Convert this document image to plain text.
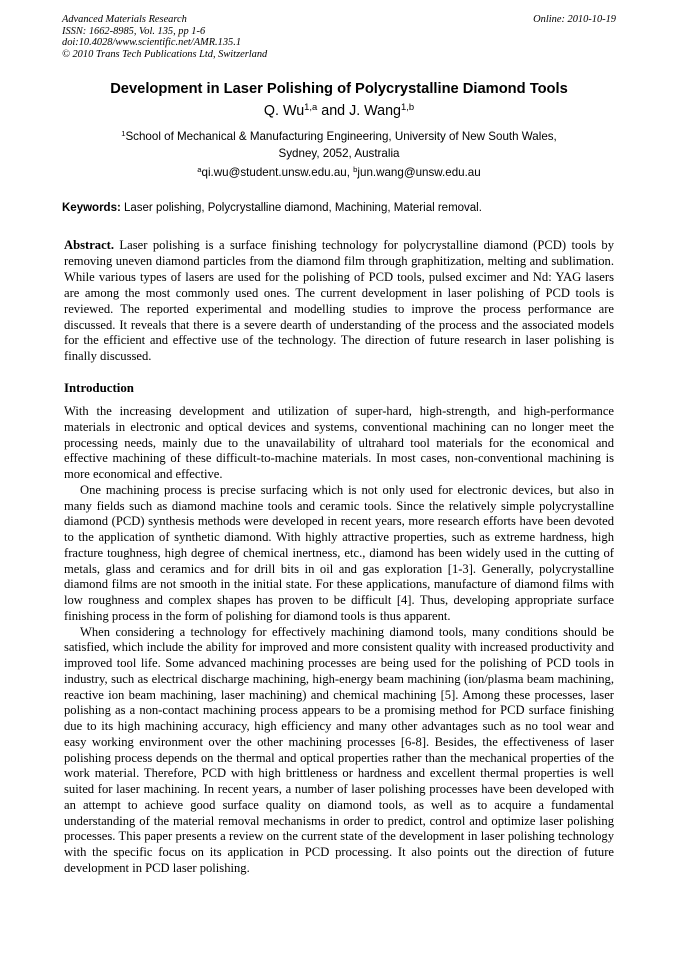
Advanced Materials Research
ISSN: 1662-8985, Vol. 135, pp 1-6
doi:10.4028/www.scientific.net/AMR.135.1
© 2010 Trans Tech Publications Ltd, Switzerland
Online: 2010-10-19
Development in Laser Polishing of Polycrystalline Diamond Tools
Q. Wu$^{1,a}$ and J. Wang$^{1,b}$
$^1$School of Mechanical & Manufacturing Engineering, University of New South Wales,
Sydney, 2052, Australia
$^a$qi.wu@student.unsw.edu.au, $^b$jun.wang@unsw.edu.au
Keywords: Laser polishing, Polycrystalline diamond, Machining, Material removal.
Abstract. Laser polishing is a surface finishing technology for polycrystalline diamond (PCD) tools by removing uneven diamond particles from the diamond film through graphitization, melting and sublimation. While various types of lasers are used for the polishing of PCD tools, pulsed excimer and Nd: YAG lasers are among the most commonly used ones. The current development in laser polishing of PCD tools is reviewed. The reported experimental and modelling studies to improve the process performance are discussed. It reveals that there is a severe dearth of understanding of the process and the associated models for the efficient and effective use of the technology. The direction of future research in laser polishing is finally discussed.
Introduction

With the increasing development and utilization of super-hard, high-strength, and high-performance materials in electronic and optical devices and systems, conventional machining can no longer meet the processing needs, mainly due to the unavailability of ultrahard tool materials for the economical and effective machining of these difficult-to-machine materials. In most cases, non-conventional machining is more economical and effective.

One machining process is precise surfacing which is not only used for electronic devices, but also in many fields such as diamond machine tools and ceramic tools. Since the relatively simple polycrystalline diamond (PCD) synthesis methods were developed in recent years, more research efforts have been devoted to the application of synthetic diamond. With highly attractive properties, such as extreme hardness, high fracture toughness, high degree of chemical inertness, etc., diamond has been widely used in the cutting of metals, glass and ceramics and for drill bits in oil and gas exploration [1-3]. Generally, polycrystalline diamond films are not smooth in the initial state. For these applications, manufacture of diamond films with low roughness and complex shapes has proven to be difficult [4]. Thus, developing appropriate surface finishing process in the form of polishing for diamond tools is thus apparent.

When considering a technology for effectively machining diamond tools, many conditions should be satisfied, which include the ability for improved and more consistent quality with increased productivity and improved tool life. Some advanced machining processes are being used for the polishing of PCD tools in industry, such as electrical discharge machining, high-energy beam machining (ion/plasma beam machining, reactive ion beam machining, laser machining) and chemical machining [5]. Among these processes, laser polishing as a non-contact machining process appears to be a promising method for PCD surface finishing due to its high machining accuracy, high efficiency and many other advantages such as no tool wear and easy working environment over the other machining processes [6-8]. Besides, the effectiveness of laser polishing process depends on the thermal and optical properties rather than the mechanical properties of the work material. Therefore, PCD with high brittleness or hardness and excellent thermal properties is well suited for laser machining. In recent years, a number of laser polishing processes have been developed with an attempt to achieve good surface quality on diamond tools, as well as to acquire a fundamental understanding of the material removal mechanisms in order to predict, control and optimize laser polishing processes. This paper presents a review on the current state of the development in laser polishing technology with the specific focus on its application in PCD processing. It also points out the direction of future development in PCD laser polishing.
